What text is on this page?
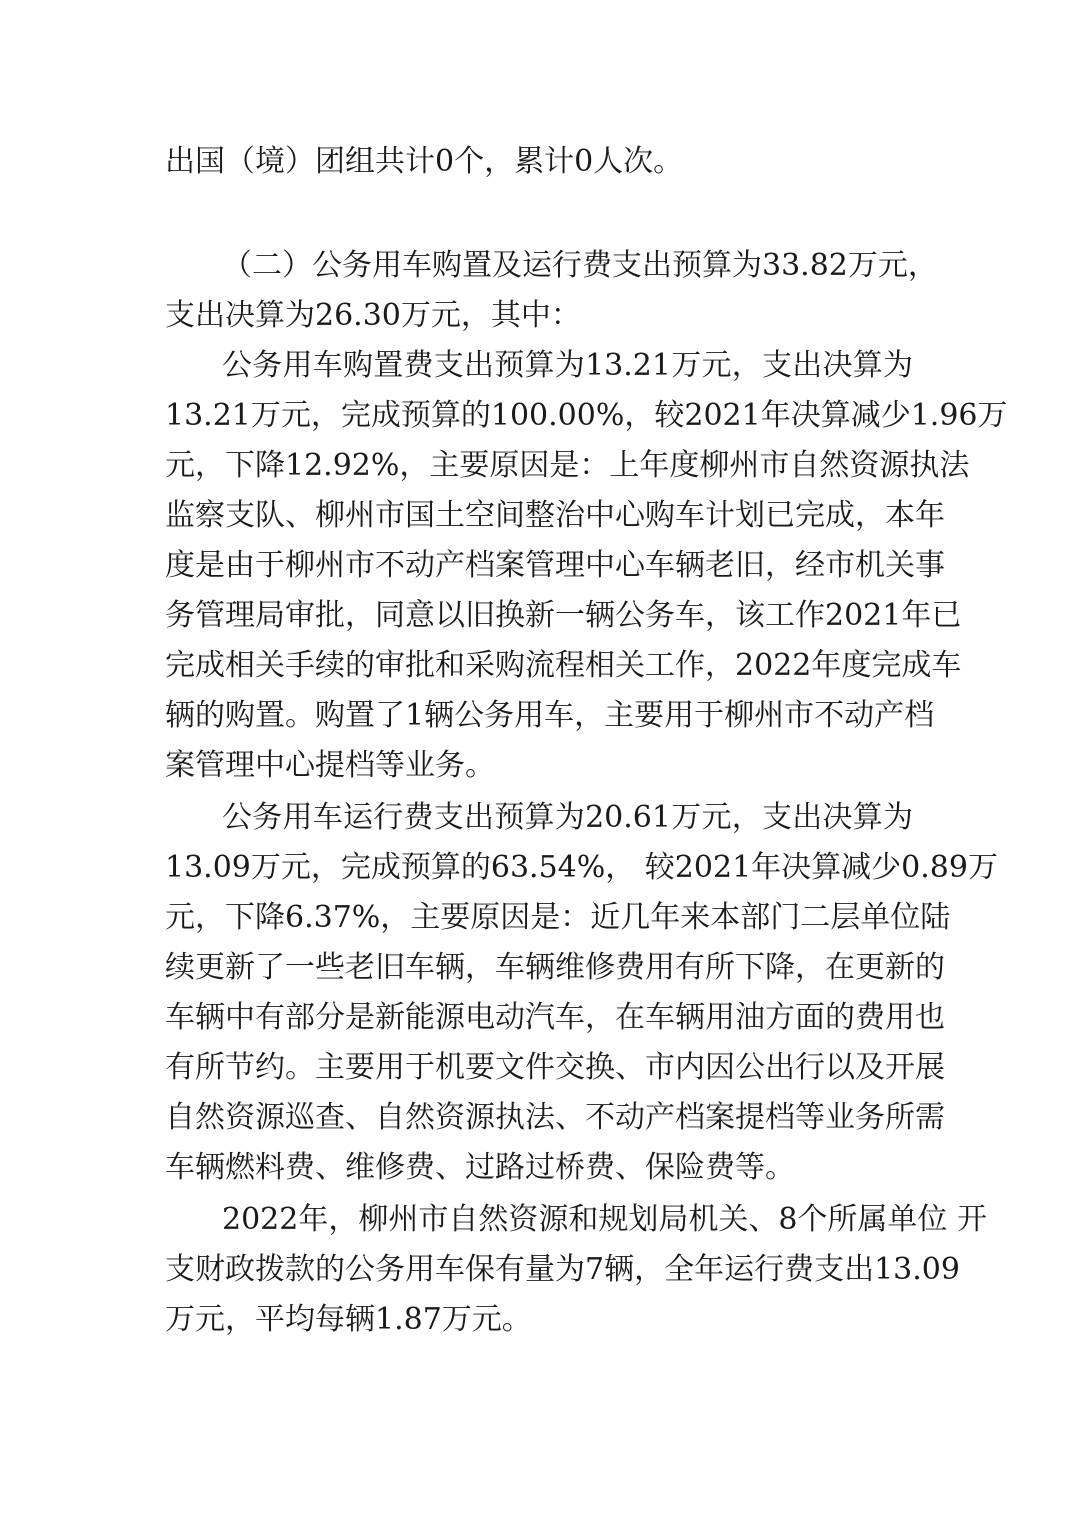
出国（境）团组共计0个，累计0人次。
（二）公务用车购置及运行费支出预算为33.82万元，
支出决算为26.30万元，其中：
公务用车购置费支出预算为13.21万元，支出决算为
13.21万元，完成预算的100.00%，较2021年决算减少1.96万
元，下降12.92%，主要原因是：上年度柳州市自然资源执法
监察支队、柳州市国土空间整治中心购车计划已完成，本年
度是由于柳州市不动产档案管理中心车辆老旧，经市机关事
务管理局审批，同意以旧换新一辆公务车，该工作2021年已
完成相关手续的审批和采购流程相关工作，2022年度完成车
辆的购置。购置了1辆公务用车，主要用于柳州市不动产档
案管理中心提档等业务。
公务用车运行费支出预算为20.61万元，支出决算为
13.09万元，完成预算的63.54%， 较2021年决算减少0.89万
元，下降6.37%，主要原因是：近几年来本部门二层单位陆
续更新了一些老旧车辆，车辆维修费用有所下降，在更新的
车辆中有部分是新能源电动汽车，在车辆用油方面的费用也
有所节约。主要用于机要文件交换、市内因公出行以及开展
自然资源巡查、自然资源执法、不动产档案提档等业务所需
车辆燃料费、维修费、过路过桥费、保险费等。
2022年，柳州市自然资源和规划局机关、8个所属单位 开
支财政拨款的公务用车保有量为7辆，全年运行费支出13.09
万元，平均每辆1.87万元。
